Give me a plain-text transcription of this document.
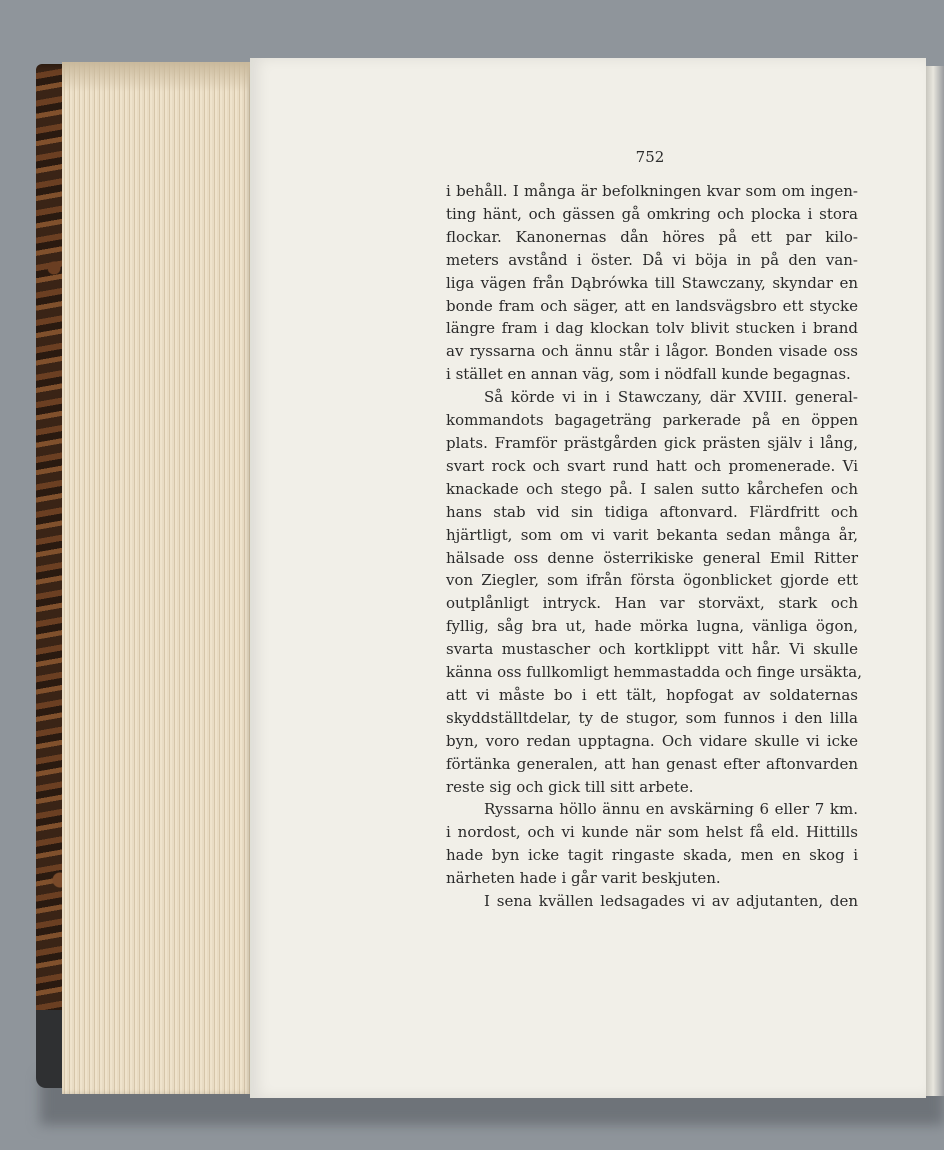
752
i behåll. I många är befolkningen kvar som om ingen-
ting hänt, och gässen gå omkring och plocka i stora
flockar. Kanonernas dån höres på ett par kilo-
meters avstånd i öster. Då vi böja in på den van-
liga vägen från Dąbrówka till Stawczany, skyndar en
bonde fram och säger, att en landsvägsbro ett stycke
längre fram i dag klockan tolv blivit stucken i brand
av ryssarna och ännu står i lågor. Bonden visade oss
i stället en annan väg, som i nödfall kunde begagnas.
Så körde vi in i Stawczany, där XVIII. general-
kommandots bagageträng parkerade på en öppen
plats. Framför prästgården gick prästen själv i lång,
svart rock och svart rund hatt och promenerade. Vi
knackade och stego på. I salen sutto kårchefen och
hans stab vid sin tidiga aftonvard. Flärdfritt och
hjärtligt, som om vi varit bekanta sedan många år,
hälsade oss denne österrikiske general Emil Ritter
von Ziegler, som ifrån första ögonblicket gjorde ett
outplånligt intryck. Han var storväxt, stark och
fyllig, såg bra ut, hade mörka lugna, vänliga ögon,
svarta mustascher och kortklippt vitt hår. Vi skulle
känna oss fullkomligt hemmastadda och finge ursäkta,
att vi måste bo i ett tält, hopfogat av soldaternas
skyddställtdelar, ty de stugor, som funnos i den lilla
byn, voro redan upptagna. Och vidare skulle vi icke
förtänka generalen, att han genast efter aftonvarden
reste sig och gick till sitt arbete.
Ryssarna höllo ännu en avskärning 6 eller 7 km.
i nordost, och vi kunde när som helst få eld. Hittills
hade byn icke tagit ringaste skada, men en skog i
närheten hade i går varit beskjuten.
I sena kvällen ledsagades vi av adjutanten, den
